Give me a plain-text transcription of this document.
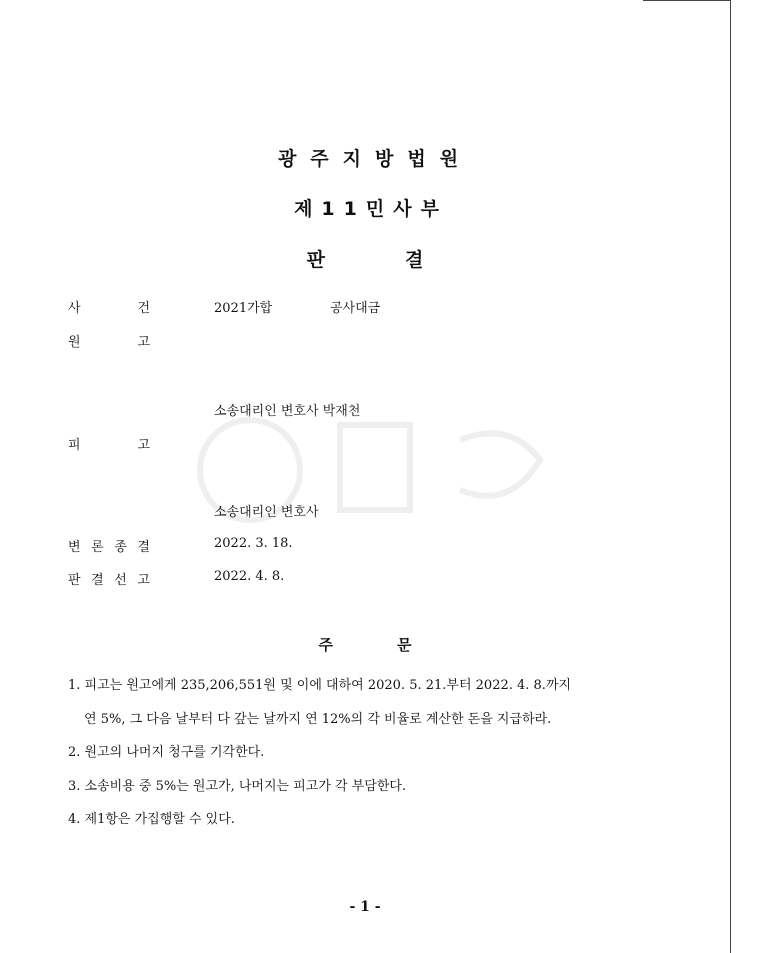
광주지방법원
제11민사부
판	결
사	건	2021가합	공사대금
원	고
소송대리인 변호사 박재천
피	고
소송대리인 변호사
변 론 종 결	2022. 3. 18.
판 결 선 고	2022. 4. 8.
주	문
1. 피고는 원고에게 235,206,551원 및 이에 대하여 2020. 5. 21.부터 2022. 4. 8.까지
연 5%, 그 다음 날부터 다 갚는 날까지 연 12%의 각 비율로 계산한 돈을 지급하라.
2. 원고의 나머지 청구를 기각한다.
3. 소송비용 중 5%는 원고가, 나머지는 피고가 각 부담한다.
4. 제1항은 가집행할 수 있다.
- 1 -
